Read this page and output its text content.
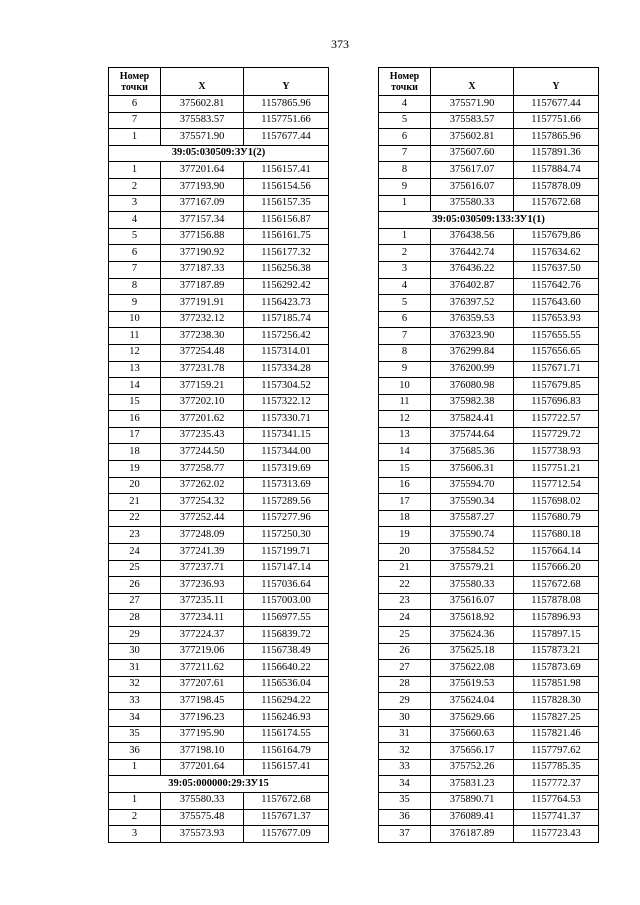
373
Номер точки	X	Y
6	375602.81	1157865.96
7	375583.57	1157751.66
1	375571.90	1157677.44
39:05:030509:ЗУ1(2)		
1	377201.64	1156157.41
2	377193.90	1156154.56
3	377167.09	1156157.35
4	377157.34	1156156.87
5	377156.88	1156161.75
6	377190.92	1156177.32
7	377187.33	1156256.38
8	377187.89	1156292.42
9	377191.91	1156423.73
10	377232.12	1157185.74
11	377238.30	1157256.42
12	377254.48	1157314.01
13	377231.78	1157334.28
14	377159.21	1157304.52
15	377202.10	1157322.12
16	377201.62	1157330.71
17	377235.43	1157341.15
18	377244.50	1157344.00
19	377258.77	1157319.69
20	377262.02	1157313.69
21	377254.32	1157289.56
22	377252.44	1157277.96
23	377248.09	1157250.30
24	377241.39	1157199.71
25	377237.71	1157147.14
26	377236.93	1157036.64
27	377235.11	1157003.00
28	377234.11	1156977.55
29	377224.37	1156839.72
30	377219.06	1156738.49
31	377211.62	1156640.22
32	377207.61	1156536.04
33	377198.45	1156294.22
34	377196.23	1156246.93
35	377195.90	1156174.55
36	377198.10	1156164.79
1	377201.64	1156157.41
39:05:000000:29:ЗУ15		
1	375580.33	1157672.68
2	375575.48	1157671.37
3	375573.93	1157677.09
Номер точки	X	Y
4	375571.90	1157677.44
5	375583.57	1157751.66
6	375602.81	1157865.96
7	375607.60	1157891.36
8	375617.07	1157884.74
9	375616.07	1157878.09
1	375580.33	1157672.68
39:05:030509:133:ЗУ1(1)		
1	376438.56	1157679.86
2	376442.74	1157634.62
3	376436.22	1157637.50
4	376402.87	1157642.76
5	376397.52	1157643.60
6	376359.53	1157653.93
7	376323.90	1157655.55
8	376299.84	1157656.65
9	376200.99	1157671.71
10	376080.98	1157679.85
11	375982.38	1157696.83
12	375824.41	1157722.57
13	375744.64	1157729.72
14	375685.36	1157738.93
15	375606.31	1157751.21
16	375594.70	1157712.54
17	375590.34	1157698.02
18	375587.27	1157680.79
19	375590.74	1157680.18
20	375584.52	1157664.14
21	375579.21	1157666.20
22	375580.33	1157672.68
23	375616.07	1157878.08
24	375618.92	1157896.93
25	375624.36	1157897.15
26	375625.18	1157873.21
27	375622.08	1157873.69
28	375619.53	1157851.98
29	375624.04	1157828.30
30	375629.66	1157827.25
31	375660.63	1157821.46
32	375656.17	1157797.62
33	375752.26	1157785.35
34	375831.23	1157772.37
35	375890.71	1157764.53
36	376089.41	1157741.37
37	376187.89	1157723.43
